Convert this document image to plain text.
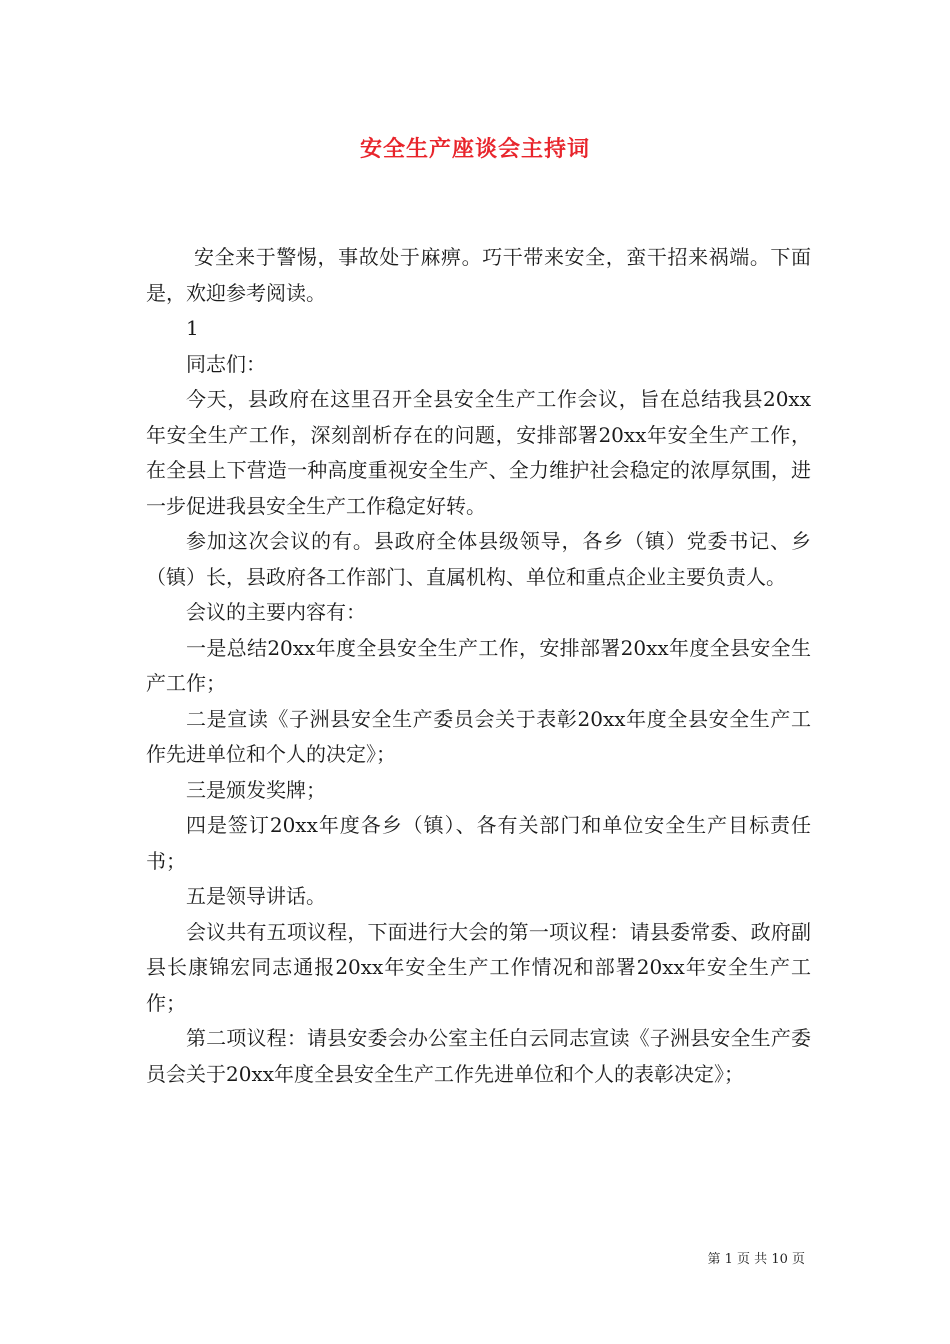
安全生产座谈会主持词

安全来于警惕，事故处于麻痹。巧干带来安全，蛮干招来祸端。下面是，欢迎参考阅读。

1

同志们：

今天，县政府在这里召开全县安全生产工作会议，旨在总结我县20xx年安全生产工作，深刻剖析存在的问题，安排部署20xx年安全生产工作，在全县上下营造一种高度重视安全生产、全力维护社会稳定的浓厚氛围，进一步促进我县安全生产工作稳定好转。

参加这次会议的有。县政府全体县级领导，各乡（镇）党委书记、乡（镇）长，县政府各工作部门、直属机构、单位和重点企业主要负责人。

会议的主要内容有：

一是总结20xx年度全县安全生产工作，安排部署20xx年度全县安全生产工作；

二是宣读《子洲县安全生产委员会关于表彰20xx年度全县安全生产工作先进单位和个人的决定》；

三是颁发奖牌；

四是签订20xx年度各乡（镇）、各有关部门和单位安全生产目标责任书；

五是领导讲话。

会议共有五项议程，下面进行大会的第一项议程：请县委常委、政府副县长康锦宏同志通报20xx年安全生产工作情况和部署20xx年安全生产工作；

第二项议程：请县安委会办公室主任白云同志宣读《子洲县安全生产委员会关于20xx年度全县安全生产工作先进单位和个人的表彰决定》；

第 1 页 共 10 页
